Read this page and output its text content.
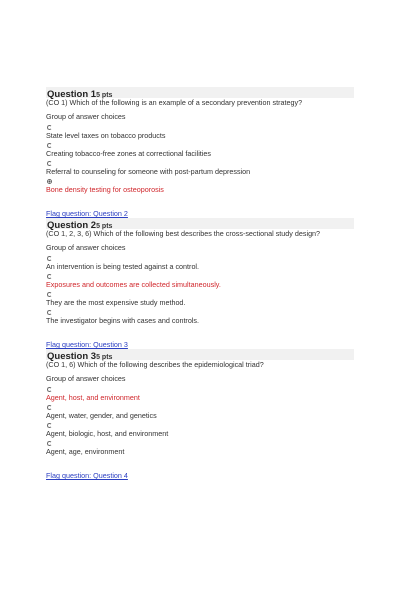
Question 15 pts
(CO 1) Which of the following is an example of a secondary prevention strategy?
Group of answer choices
State level taxes on tobacco products
Creating tobacco-free zones at correctional facilities
Referral to counseling for someone with post-partum depression
Bone density testing for osteoporosis
Flag question: Question 2
Question 25 pts
(CO 1, 2, 3, 6) Which of the following best describes the cross-sectional study design?
Group of answer choices
An intervention is being tested against a control.
Exposures and outcomes are collected simultaneously.
They are the most expensive study method.
The investigator begins with cases and controls.
Flag question: Question 3
Question 35 pts
(CO 1, 6) Which of the following describes the epidemiological triad?
Group of answer choices
Agent, host, and environment
Agent, water, gender, and genetics
Agent, biologic, host, and environment
Agent, age, environment
Flag question: Question 4
